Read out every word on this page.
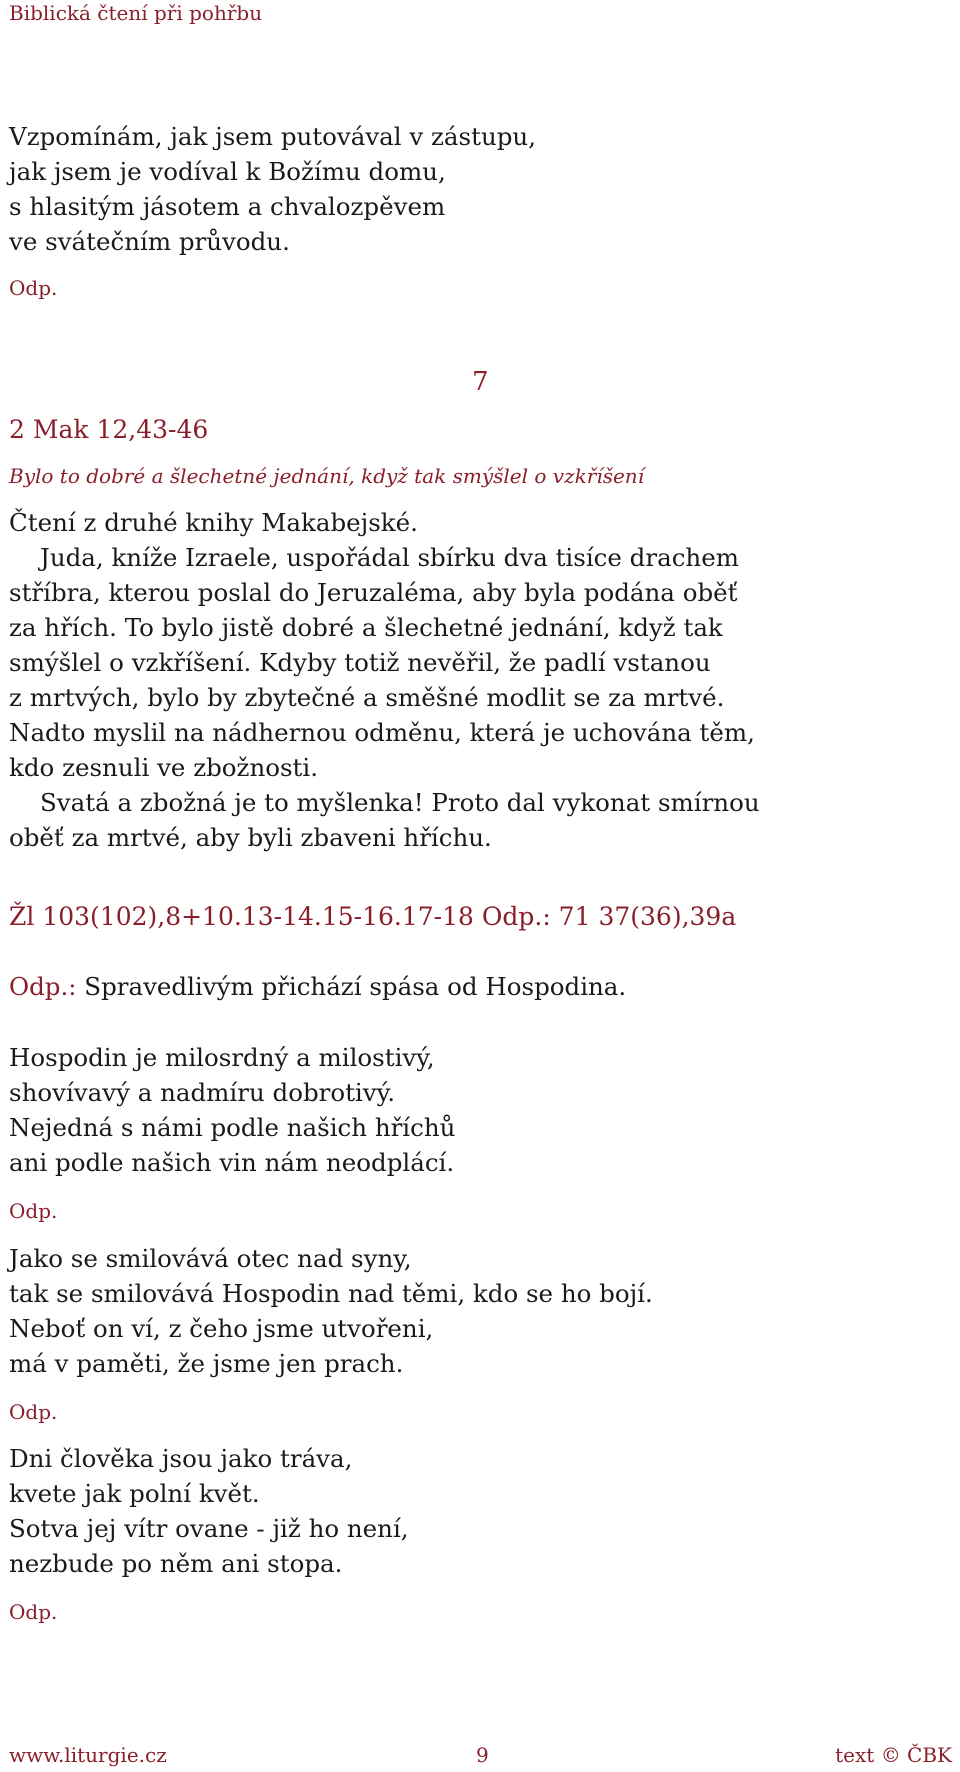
Biblická čtení při pohřbu
Vzpomínám, jak jsem putovával v zástupu,
jak jsem je vodíval k Božímu domu,
s hlasitým jásotem a chvalozpěvem
ve svátečním průvodu.
Odp.
7
2 Mak 12,43-46
Bylo to dobré a šlechetné jednání, když tak smýšlel o vzkříšení
Čtení z druhé knihy Makabejské.
Juda, kníže Izraele, uspořádal sbírku dva tisíce drachem
stříbra, kterou poslal do Jeruzaléma, aby byla podána oběť
za hřích. To bylo jistě dobré a šlechetné jednání, když tak
smýšlel o vzkříšení. Kdyby totiž nevěřil, že padlí vstanou
z mrtvých, bylo by zbytečné a směšné modlit se za mrtvé.
Nadto myslil na nádhernou odměnu, která je uchována těm,
kdo zesnuli ve zbožnosti.
Svatá a zbožná je to myšlenka! Proto dal vykonat smírnou
oběť za mrtvé, aby byli zbaveni hříchu.
Žl 103(102),8+10.13-14.15-16.17-18 Odp.: 71 37(36),39a
Odp.: Spravedlivým přichází spása od Hospodina.
Hospodin je milosrdný a milostivý,
shovívavý a nadmíru dobrotivý.
Nejedná s námi podle našich hříchů
ani podle našich vin nám neodplácí.
Odp.
Jako se smilovává otec nad syny,
tak se smilovává Hospodin nad těmi, kdo se ho bojí.
Neboť on ví, z čeho jsme utvořeni,
má v paměti, že jsme jen prach.
Odp.
Dni člověka jsou jako tráva,
kvete jak polní květ.
Sotva jej vítr ovane - již ho není,
nezbude po něm ani stopa.
Odp.
www.liturgie.cz	9	text © ČBK
